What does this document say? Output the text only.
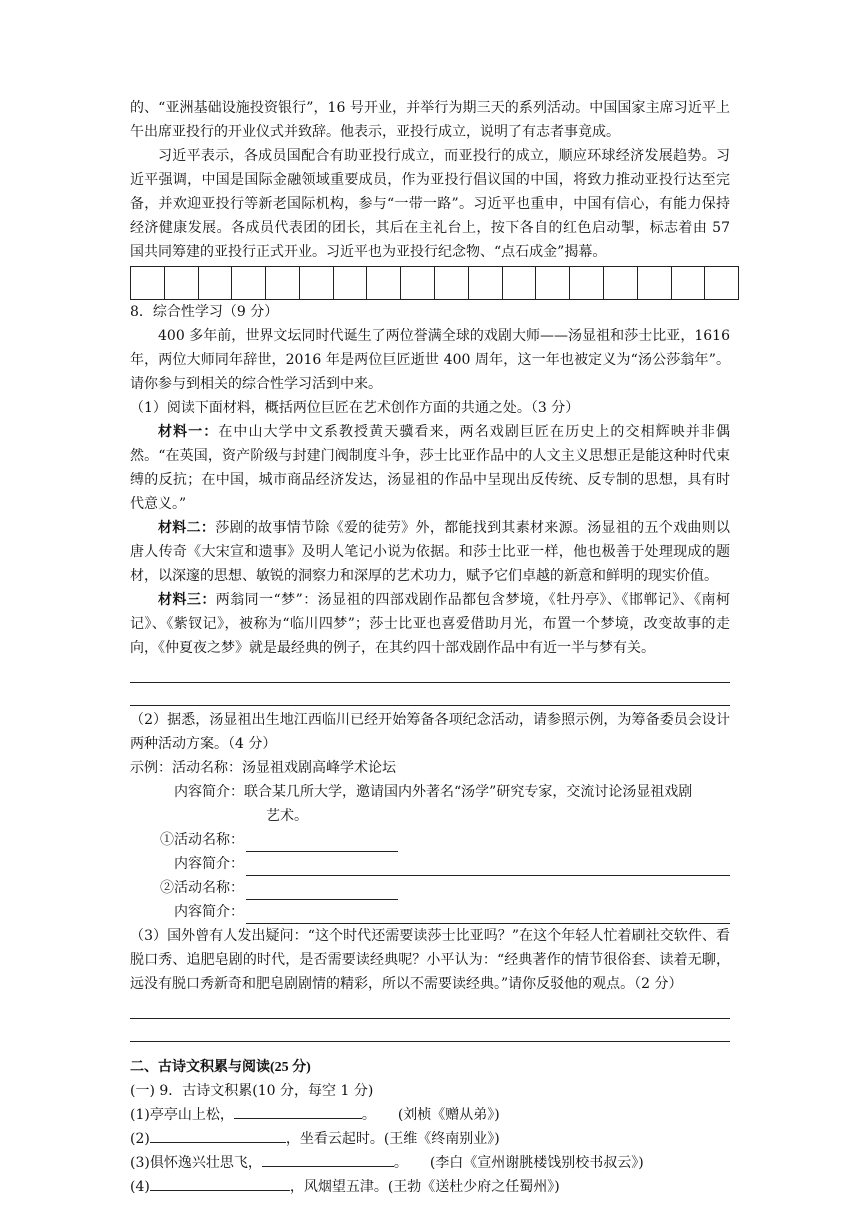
的、“亚洲基础设施投资银行”，16 号开业，并举行为期三天的系列活动。中国国家主席习近平上午出席亚投行的开业仪式并致辞。他表示，亚投行成立，说明了有志者事竟成。

习近平表示，各成员国配合有助亚投行成立，而亚投行的成立，顺应环球经济发展趋势。习近平强调，中国是国际金融领域重要成员，作为亚投行倡议国的中国，将致力推动亚投行达至完备，并欢迎亚投行等新老国际机构，参与“一带一路”。习近平也重申，中国有信心，有能力保持经济健康发展。各成员代表团的团长，其后在主礼台上，按下各自的红色启动掣，标志着由 57 国共同筹建的亚投行正式开业。习近平也为亚投行纪念物、“点石成金”揭幕。

8．综合性学习（9 分）

400 多年前，世界文坛同时代诞生了两位誉满全球的戏剧大师——汤显祖和莎士比亚，1616 年，两位大师同年辞世，2016 年是两位巨匠逝世 400 周年，这一年也被定义为“汤公莎翁年”。请你参与到相关的综合性学习活到中来。

（1）阅读下面材料，概括两位巨匠在艺术创作方面的共通之处。（3 分）

材料一：在中山大学中文系教授黄天骥看来，两名戏剧巨匠在历史上的交相辉映并非偶然。“在英国，资产阶级与封建门阀制度斗争，莎士比亚作品中的人文主义思想正是能这种时代束缚的反抗；在中国，城市商品经济发达，汤显祖的作品中呈现出反传统、反专制的思想，具有时代意义。”

材料二：莎剧的故事情节除《爱的徒劳》外，都能找到其素材来源。汤显祖的五个戏曲则以唐人传奇《大宋宣和遗事》及明人笔记小说为依据。和莎士比亚一样，他也极善于处理现成的题材，以深邃的思想、敏锐的洞察力和深厚的艺术功力，赋予它们卓越的新意和鲜明的现实价值。

材料三：两翁同一“梦”：汤显祖的四部戏剧作品都包含梦境，《牡丹亭》、《邯郸记》、《南柯记》、《紫钗记》，被称为“临川四梦”；莎士比亚也喜爱借助月光，布置一个梦境，改变故事的走向，《仲夏夜之梦》就是最经典的例子，在其约四十部戏剧作品中有近一半与梦有关。

（2）据悉，汤显祖出生地江西临川已经开始筹备各项纪念活动，请参照示例，为筹备委员会设计两种活动方案。（4 分）

示例：活动名称：汤显祖戏剧高峰学术论坛

内容简介：联合某几所大学，邀请国内外著名“汤学”研究专家，交流讨论汤显祖戏剧

艺术。

①活动名称：
内容简介：
②活动名称：
内容简介：

（3）国外曾有人发出疑问：“这个时代还需要读莎士比亚吗？”在这个年轻人忙着刷社交软件、看脱口秀、追肥皂剧的时代，是否需要读经典呢？小平认为：“经典著作的情节很俗套、读着无聊，远没有脱口秀新奇和肥皂剧剧情的精彩，所以不需要读经典。”请你反驳他的观点。（2 分）

二、古诗文积累与阅读(25 分)

(一) 9．古诗文积累(10 分，每空 1 分)

(1)亭亭山上松，	。 (刘桢《赠从弟》)

(2)	，坐看云起时。(王维《终南别业》)

(3)俱怀逸兴壮思飞，	。 (李白《宣州谢朓楼饯别校书叔云》)

(4)	，风烟望五津。(王勃《送杜少府之任蜀州》)
